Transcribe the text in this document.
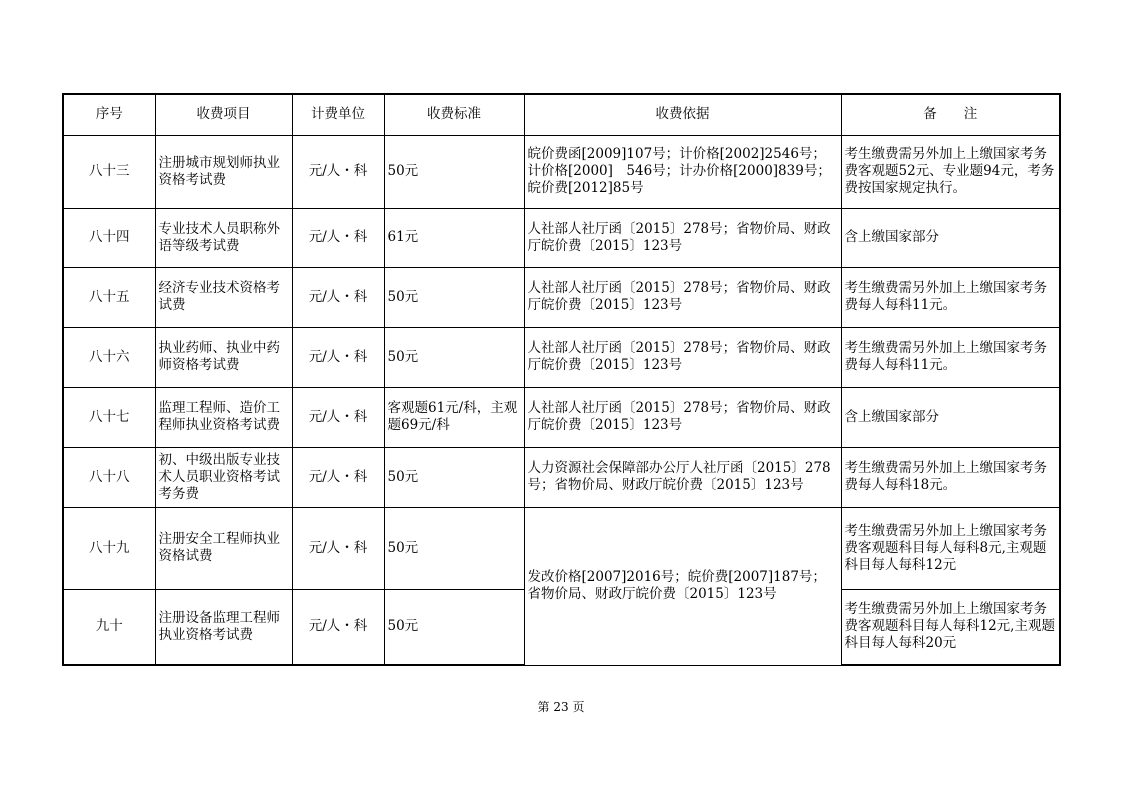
序号	收费项目	计费单位	收费标准	收费依据	备　　注
八十三	注册城市规划师执业资格考试费	元/人・科	50元	皖价费函[2009]107号；计价格[2002]2546号；计价格[2000]　546号；计办价格[2000]839号；皖价费[2012]85号	考生缴费需另外加上上缴国家考务费客观题52元、专业题94元，考务费按国家规定执行。
八十四	专业技术人员职称外语等级考试费	元/人・科	61元	人社部人社厅函〔2015〕278号；省物价局、财政厅皖价费〔2015〕123号	含上缴国家部分
八十五	经济专业技术资格考试费	元/人・科	50元	人社部人社厅函〔2015〕278号；省物价局、财政厅皖价费〔2015〕123号	考生缴费需另外加上上缴国家考务费每人每科11元。
八十六	执业药师、执业中药师资格考试费	元/人・科	50元	人社部人社厅函〔2015〕278号；省物价局、财政厅皖价费〔2015〕123号	考生缴费需另外加上上缴国家考务费每人每科11元。
八十七	监理工程师、造价工程师执业资格考试费	元/人・科	客观题61元/科，主观题69元/科	人社部人社厅函〔2015〕278号；省物价局、财政厅皖价费〔2015〕123号	含上缴国家部分
八十八	初、中级出版专业技术人员职业资格考试考务费	元/人・科	50元	人力资源社会保障部办公厅人社厅函〔2015〕278号；省物价局、财政厅皖价费〔2015〕123号	考生缴费需另外加上上缴国家考务费每人每科18元。
八十九	注册安全工程师执业资格试费	元/人・科	50元	发改价格[2007]2016号；皖价费[2007]187号；省物价局、财政厅皖价费〔2015〕123号	考生缴费需另外加上上缴国家考务费客观题科目每人每科8元,主观题科目每人每科12元
九十	注册设备监理工程师执业资格考试费	元/人・科	50元		考生缴费需另外加上上缴国家考务费客观题科目每人每科12元,主观题科目每人每科20元
第 23 页
